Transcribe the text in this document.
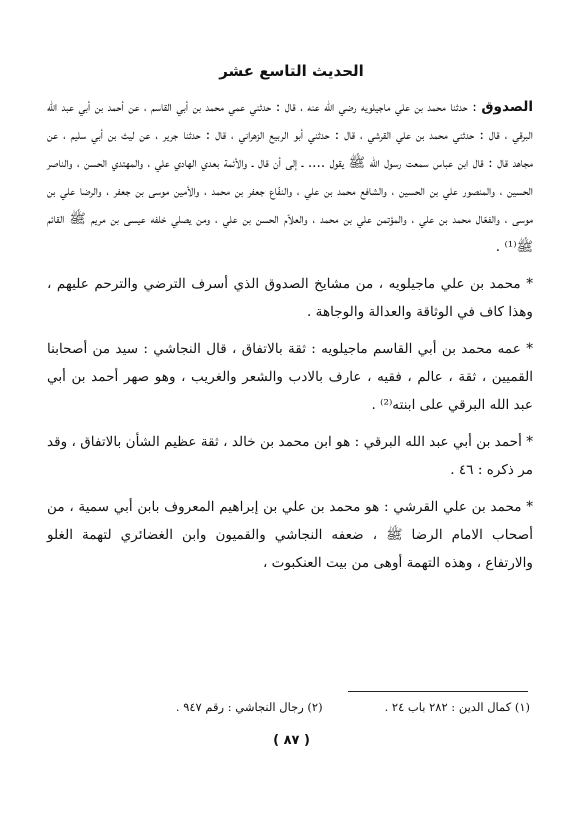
الحديث التاسع عشر

الصدوق : حدثنا محمد بن علي ماجيلويه رضي الله عنه ، قال : حدثني عمي محمد بن أبي القاسم ، عن أحمد بن أبي عبد الله البرقي ، قال : حدثني محمد بن علي القرشي ، قال : حدثني أبو الربيع الزهراني ، قال : حدثنا جرير ، عن ليث بن أبي سليم ، عن مجاهد قال : قال ابن عباس سمعت رسول الله ﷺ يقول .... ـ إلى أن قال ـ والأئمة بعدي الهادي علي ، والمهتدي الحسن ، والناصر الحسين ، والمنصور علي بن الحسين ، والشافع محمد بن علي ، والنفّاع جعفر بن محمد ، والأمين موسى بن جعفر ، والرضا علي بن موسى ، والفعّال محمد بن علي ، والمؤتمن علي بن محمد ، والعلاّم الحسن بن علي ، ومن يصلي خلفه عيسى بن مريم ﷺ القائم ﷺ⁽¹⁾ .

* محمد بن علي ماجيلويه ، من مشايخ الصدوق الذي أسرف الترضي والترحم عليهم ، وهذا كاف في الوثاقة والعدالة والوجاهة .

* عمه محمد بن أبي القاسم ماجيلويه : ثقة بالاتفاق ، قال النجاشي : سيد من أصحابنا القميين ، ثقة ، عالم ، فقيه ، عارف بالادب والشعر والغريب ، وهو صهر أحمد بن أبي عبد الله البرقي على ابنته⁽²⁾ .

* أحمد بن أبي عبد الله البرقي : هو ابن محمد بن خالد ، ثقة عظيم الشأن بالاتفاق ، وقد مر ذكره : ٤٦ .

* محمد بن علي القرشي : هو محمد بن علي بن إبراهيم المعروف بابن أبي سمية ، من أصحاب الامام الرضا ﷺ ، ضعفه النجاشي والقميون وابن الغضائري لتهمة الغلو والارتفاع ، وهذه التهمة أوهى من بيت العنكبوت ،

(١) كمال الدين : ٢٨٢ باب ٢٤ .
(٢) رجال النجاشي : رقم ٩٤٧ .
( ٨٧ )
